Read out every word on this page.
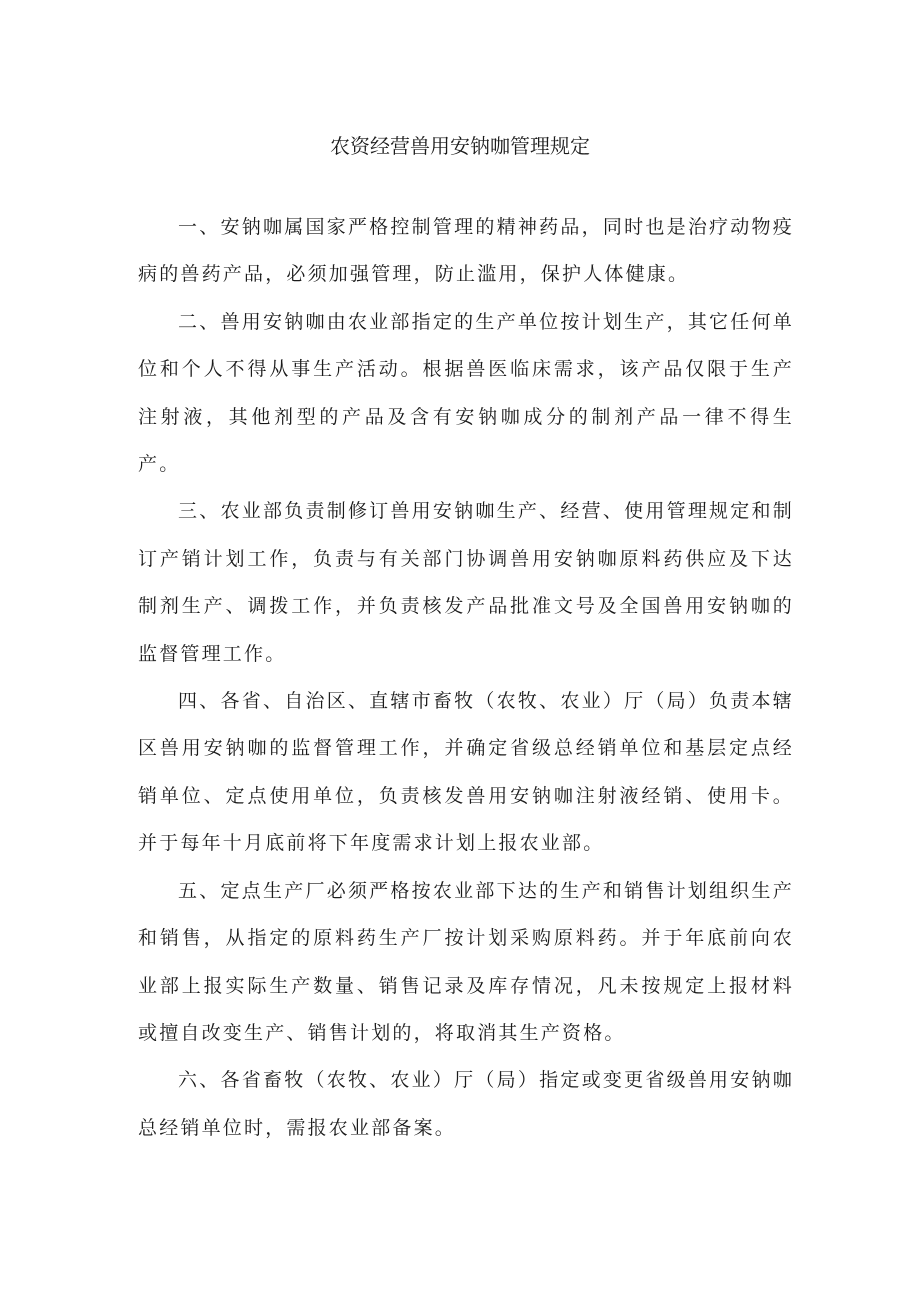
农资经营兽用安钠咖管理规定

一、安钠咖属国家严格控制管理的精神药品，同时也是治疗动物疫病的兽药产品，必须加强管理，防止滥用，保护人体健康。

二、兽用安钠咖由农业部指定的生产单位按计划生产，其它任何单位和个人不得从事生产活动。根据兽医临床需求，该产品仅限于生产注射液，其他剂型的产品及含有安钠咖成分的制剂产品一律不得生产。

三、农业部负责制修订兽用安钠咖生产、经营、使用管理规定和制订产销计划工作，负责与有关部门协调兽用安钠咖原料药供应及下达制剂生产、调拨工作，并负责核发产品批准文号及全国兽用安钠咖的监督管理工作。

四、各省、自治区、直辖市畜牧（农牧、农业）厅（局）负责本辖区兽用安钠咖的监督管理工作，并确定省级总经销单位和基层定点经销单位、定点使用单位，负责核发兽用安钠咖注射液经销、使用卡。并于每年十月底前将下年度需求计划上报农业部。

五、定点生产厂必须严格按农业部下达的生产和销售计划组织生产和销售，从指定的原料药生产厂按计划采购原料药。并于年底前向农业部上报实际生产数量、销售记录及库存情况，凡未按规定上报材料或擅自改变生产、销售计划的，将取消其生产资格。

六、各省畜牧（农牧、农业）厅（局）指定或变更省级兽用安钠咖总经销单位时，需报农业部备案。
